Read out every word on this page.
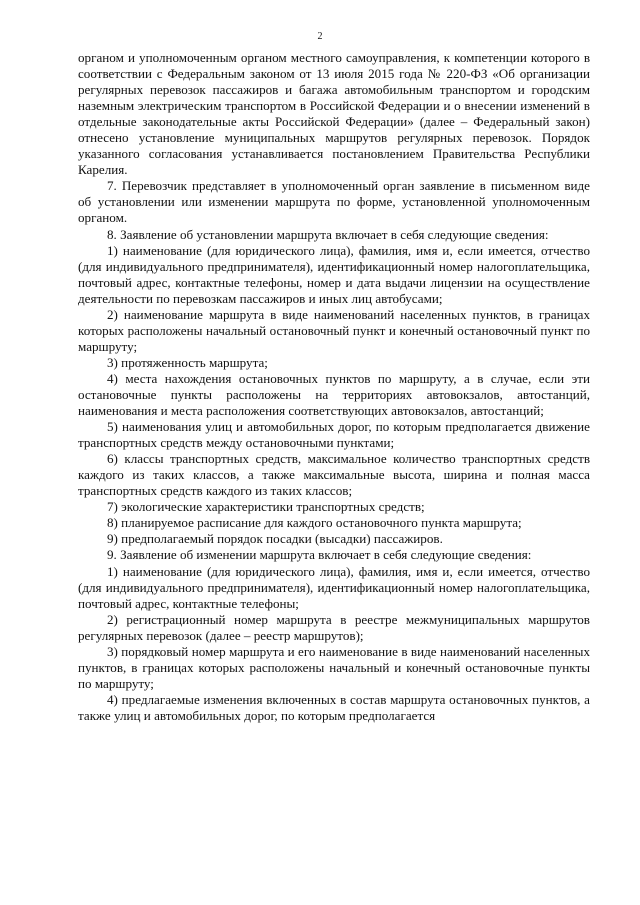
2

органом и уполномоченным органом местного самоуправления, к компетенции которого в соответствии с Федеральным законом от 13 июля 2015 года № 220-ФЗ «Об организации регулярных перевозок пассажиров и багажа автомобильным транспортом и городским наземным электрическим транспортом в Российской Федерации и о внесении изменений в отдельные законодательные акты Российской Федерации» (далее – Федеральный закон) отнесено установление муниципальных маршрутов регулярных перевозок. Порядок указанного согласования устанавливается постановлением Правительства Республики Карелия.

7. Перевозчик представляет в уполномоченный орган заявление в письменном виде об установлении или изменении маршрута по форме, установленной уполномоченным органом.

8. Заявление об установлении маршрута включает в себя следующие сведения:

1) наименование (для юридического лица), фамилия, имя и, если имеется, отчество (для индивидуального предпринимателя), идентификационный номер налогоплательщика, почтовый адрес, контактные телефоны, номер и дата выдачи лицензии на осуществление деятельности по перевозкам пассажиров и иных лиц автобусами;

2) наименование маршрута в виде наименований населенных пунктов, в границах которых расположены начальный остановочный пункт и конечный остановочный пункт по маршруту;

3) протяженность маршрута;

4) места нахождения остановочных пунктов по маршруту, а в случае, если эти остановочные пункты расположены на территориях автовокзалов, автостанций, наименования и места расположения соответствующих автовокзалов, автостанций;

5) наименования улиц и автомобильных дорог, по которым предполагается движение транспортных средств между остановочными пунктами;

6) классы транспортных средств, максимальное количество транспортных средств каждого из таких классов, а также максимальные высота, ширина и полная масса транспортных средств каждого из таких классов;

7) экологические характеристики транспортных средств;

8) планируемое расписание для каждого остановочного пункта маршрута;

9) предполагаемый порядок посадки (высадки) пассажиров.

9. Заявление об изменении маршрута включает в себя следующие сведения:

1) наименование (для юридического лица), фамилия, имя и, если имеется, отчество (для индивидуального предпринимателя), идентификационный номер налогоплательщика, почтовый адрес, контактные телефоны;

2) регистрационный номер маршрута в реестре межмуниципальных маршрутов регулярных перевозок (далее – реестр маршрутов);

3) порядковый номер маршрута и его наименование в виде наименований населенных пунктов, в границах которых расположены начальный и конечный остановочные пункты по маршруту;

4) предлагаемые изменения включенных в состав маршрута остановочных пунктов, а также улиц и автомобильных дорог, по которым предполагается
